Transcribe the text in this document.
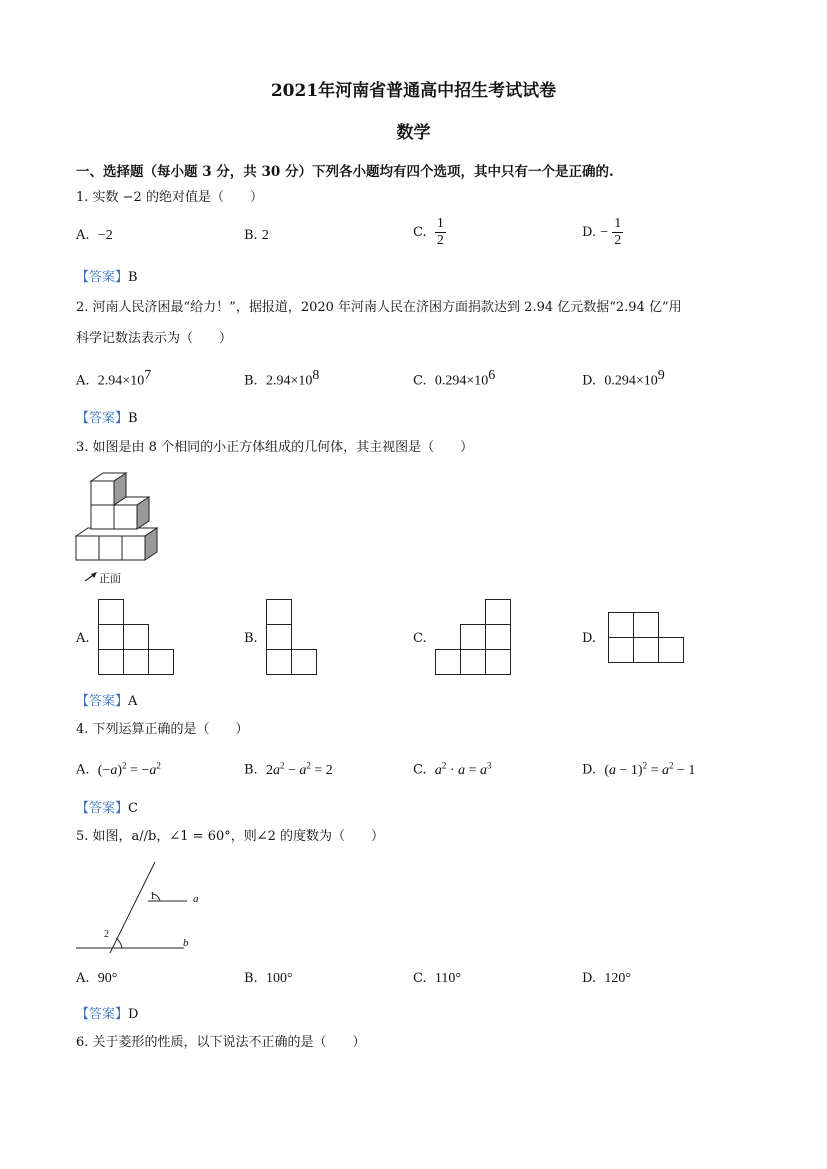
2021年河南省普通高中招生考试试卷
数学
一、选择题（每小题 3 分，共 30 分）下列各小题均有四个选项，其中只有一个是正确的.
1. 实数 −2 的绝对值是（　　）
A. −2	B. 2	C. $\frac{1}{2}$	D. − $\frac{1}{2}$
【答案】B
2. 河南人民济困最“给力！”，据报道，2020 年河南人民在济困方面捐款达到 2.94 亿元数据“2.94 亿”用
科学记数法表示为（　　）
A. $2.94\times 10^7$	B. $2.94\times 10^8$	C. $0.294\times 10^6$	D. $0.294\times 10^9$
【答案】B
3. 如图是由 8 个相同的小正方体组成的几何体，其主视图是（　　）
正面
A.	B.	C.	D.
【答案】A
4. 下列运算正确的是（　　）
A. $(-a)^2 = -a^2$	B. $2a^2 - a^2 = 2$	C. $a^2 \cdot a = a^3$	D. $(a - 1)^2 = a^2 - 1$
【答案】C
5. 如图，a//b，∠1 = 60°，则∠2 的度数为（　　）
a
b
1
2
A. 90°	B. 100°	C. 110°	D. 120°
【答案】D
6. 关于菱形的性质，以下说法不正确的是（　　）
